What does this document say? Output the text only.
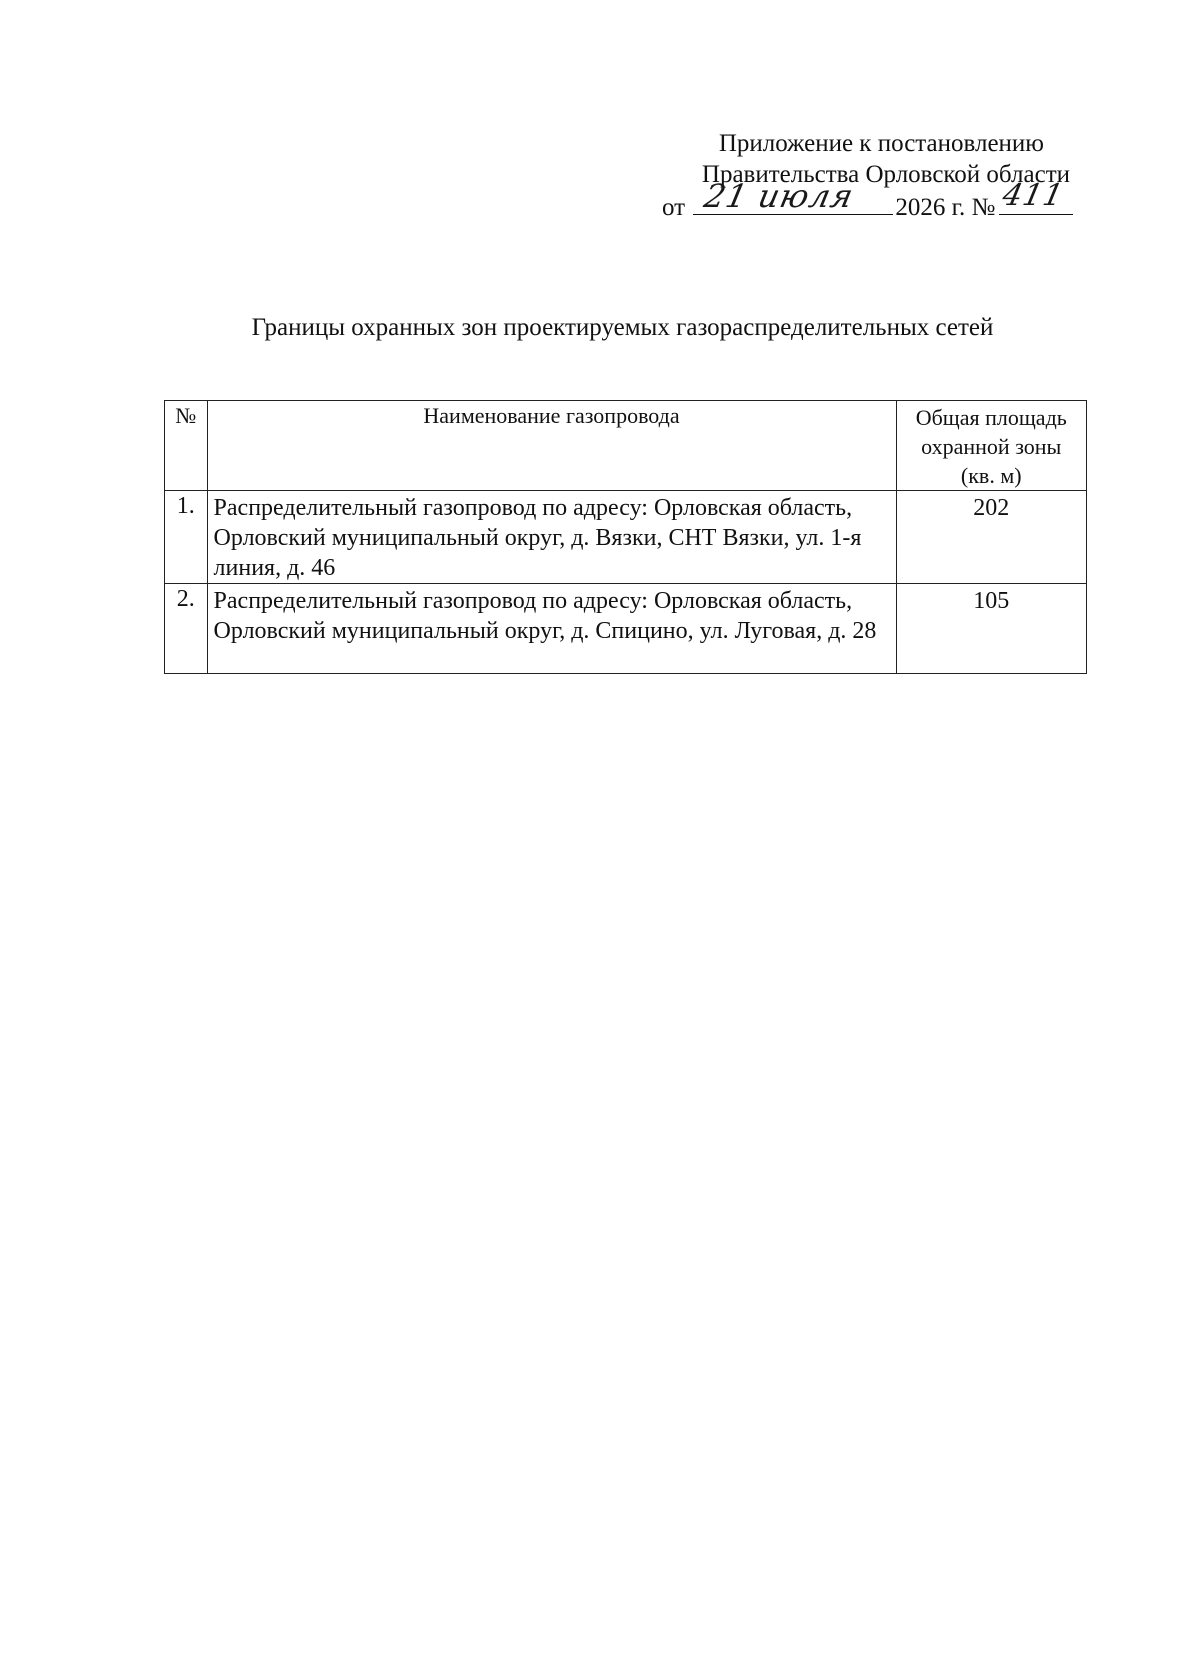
Приложение к постановлению
Правительства Орловской области
от 21 июля 2026 г. № 411
Границы охранных зон проектируемых газораспределительных сетей
№	Наименование газопровода	Общая площадь
охранной зоны
(кв. м)

1.	Распределительный газопровод по адресу: Орловская область, Орловский муниципальный округ, д. Вязки, СНТ Вязки, ул. 1-я линия, д. 46	202
2.	Распределительный газопровод по адресу: Орловская область, Орловский муниципальный округ, д. Спицино, ул. Луговая, д. 28	105
